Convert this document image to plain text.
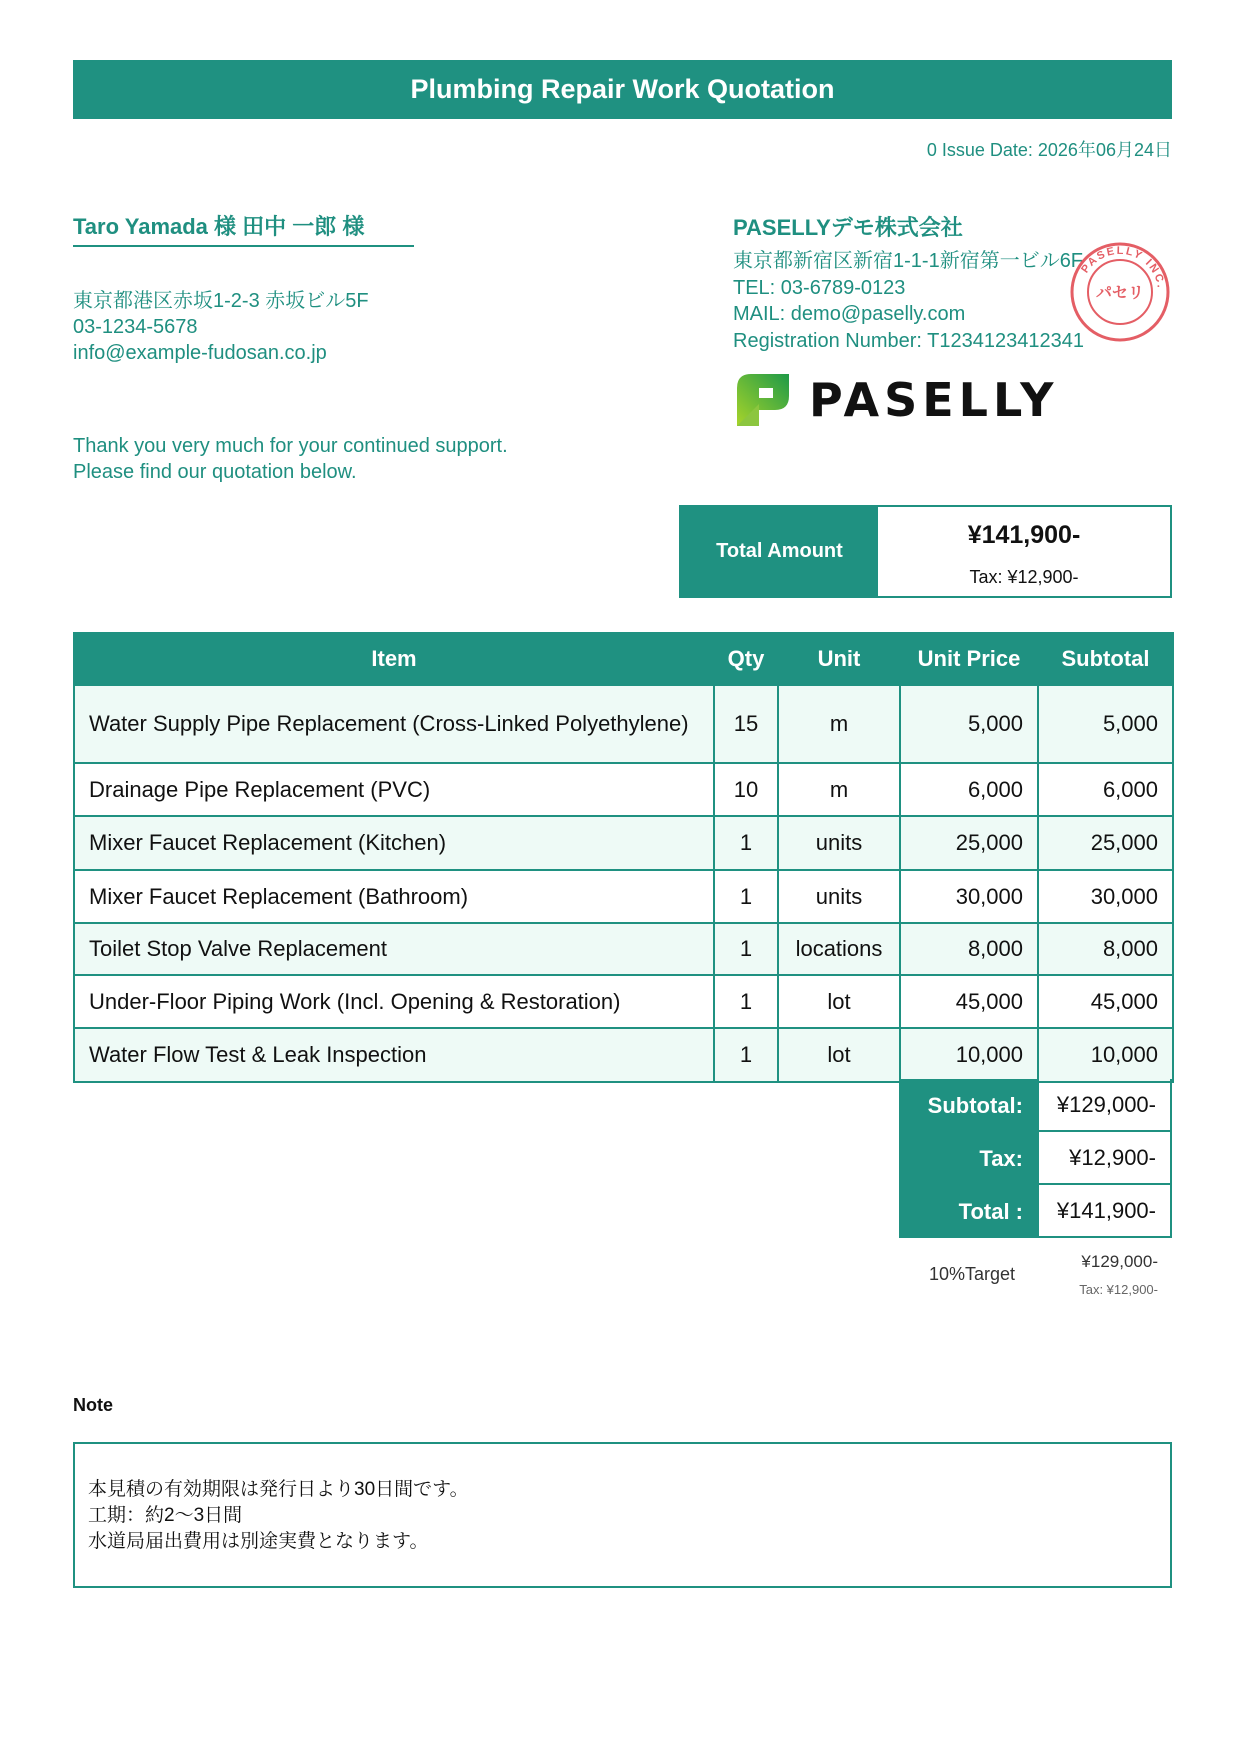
Plumbing Repair Work Quotation
0 Issue Date: 2026年06月24日
Taro Yamada 様 田中 一郎 様
東京都港区赤坂1-2-3 赤坂ビル5F
03-1234-5678
info@example-fudosan.co.jp
Thank you very much for your continued support.
Please find our quotation below.
PASELLYデモ株式会社
東京都新宿区新宿1-1-1新宿第一ビル6F
TEL: 03-6789-0123
MAIL: demo@paselly.com
Registration Number: T1234123412341
PASELLY INC.
パセリ
PASELLY
Total Amount
¥141,900-
Tax: ¥12,900-
Item	Qty	Unit	Unit Price	Subtotal
Water Supply Pipe Replacement (Cross-Linked Polyethylene)	15	m	5,000	5,000
Drainage Pipe Replacement (PVC)	10	m	6,000	6,000
Mixer Faucet Replacement (Kitchen)	1	units	25,000	25,000
Mixer Faucet Replacement (Bathroom)	1	units	30,000	30,000
Toilet Stop Valve Replacement	1	locations	8,000	8,000
Under-Floor Piping Work (Incl. Opening & Restoration)	1	lot	45,000	45,000
Water Flow Test & Leak Inspection	1	lot	10,000	10,000
Subtotal:	¥129,000-
Tax:	¥12,900-
Total :	¥141,900-
10%Target
¥129,000-
Tax: ¥12,900-
Note
本見積の有効期限は発行日より30日間です。
工期：約2〜3日間
水道局届出費用は別途実費となります。
